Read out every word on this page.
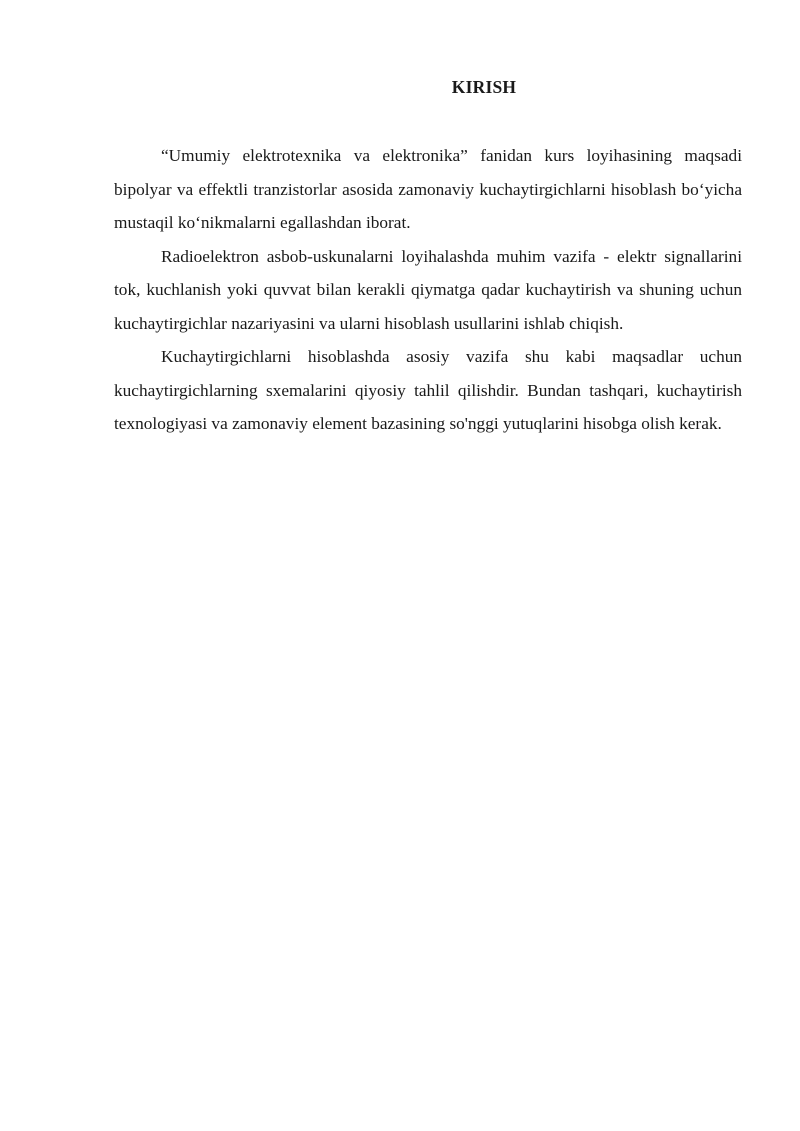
KIRISH

“Umumiy elektrotexnika va elektronika” fanidan kurs loyihasining maqsadi bipolyar va effektli tranzistorlar asosida zamonaviy kuchaytirgichlarni hisoblash bo‘yicha mustaqil ko‘nikmalarni egallashdan iborat.

Radioelektron asbob-uskunalarni loyihalashda muhim vazifa - elektr signallarini tok, kuchlanish yoki quvvat bilan kerakli qiymatga qadar kuchaytirish va shuning uchun kuchaytirgichlar nazariyasini va ularni hisoblash usullarini ishlab chiqish.

Kuchaytirgichlarni hisoblashda asosiy vazifa shu kabi maqsadlar uchun kuchaytirgichlarning sxemalarini qiyosiy tahlil qilishdir. Bundan tashqari, kuchaytirish texnologiyasi va zamonaviy element bazasining so'nggi yutuqlarini hisobga olish kerak.
